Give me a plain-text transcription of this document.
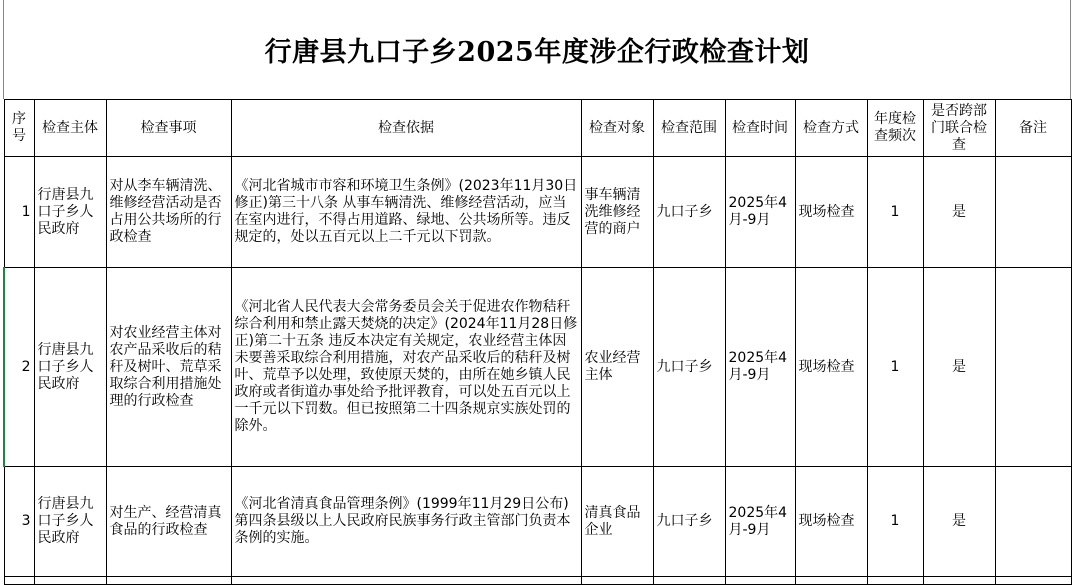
行唐县九口子乡2025年度涉企行政检查计划
序号	检查主体	检查事项	检查依据	检查对象	检查范围	检查时间	检查方式	年度检查频次	是否跨部门联合检查	备注
1	行唐县九口子乡人民政府	对从李车辆清洗、维修经营活动是否占用公共场所的行政检查	《河北省城市市容和环境卫生条例》(2023年11月30日修正)第三十八条 从事车辆清洗、维修经营活动，应当在室内进行，不得占用道路、绿地、公共场所等。违反规定的，处以五百元以上二千元以下罚款。	事车辆清洗维修经营的商户	九口子乡	2025年4月-9月	现场检查	1	是	
2	行唐县九口子乡人民政府	对农业经营主体对农产品采收后的秸秆及树叶、荒草采取综合利用措施处理的行政检查	《河北省人民代表大会常务委员会关于促进农作物秸秆综合利用和禁止露天焚烧的决定》(2024年11月28日修正)第二十五条 违反本决定有关规定，农业经营主体因未要善采取综合利用措施，对农产品采收后的秸秆及树叶、荒草予以处理，致使原天焚的，由所在她乡镇人民政府或者街道办事处给予批评教育，可以处五百元以上一千元以下罚数。但已按照第二十四条规京实族处罚的除外。	农业经营主体	九口子乡	2025年4月-9月	现场检查	1	是	
3	行唐县九口子乡人民政府	对生产、经营清真食品的行政检查	《河北省清真食品管理条例》(1999年11月29日公布)第四条县级以上人民政府民族事务行政主管部门负责本条例的实施。	清真食品企业	九口子乡	2025年4月-9月	现场检查	1	是	
